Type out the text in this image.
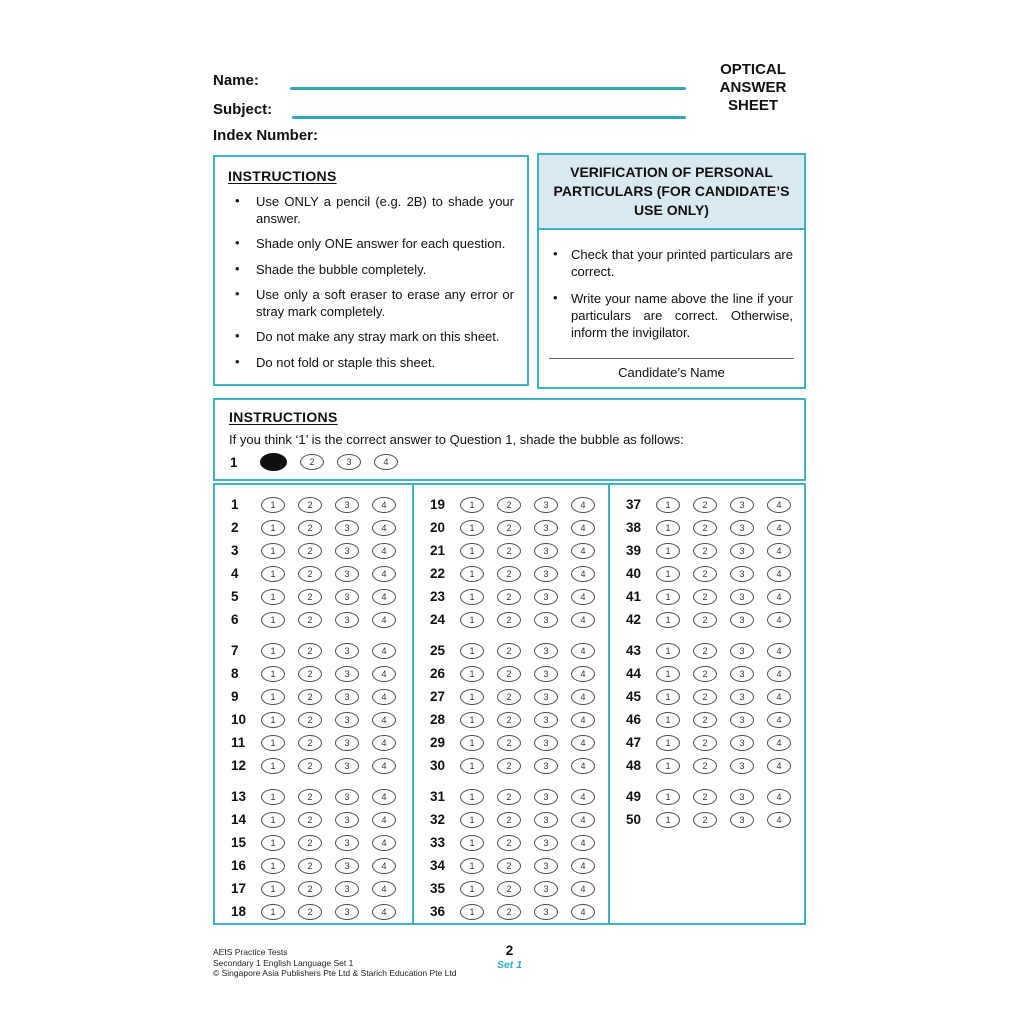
Name:
Subject:
Index Number:
OPTICAL
ANSWER
SHEET
INSTRUCTIONS
• Use ONLY a pencil (e.g. 2B) to shade your answer.
• Shade only ONE answer for each question.
• Shade the bubble completely.
• Use only a soft eraser to erase any error or stray mark completely.
• Do not make any stray mark on this sheet.
• Do not fold or staple this sheet.
VERIFICATION OF PERSONAL PARTICULARS (FOR CANDIDATE’S USE ONLY)
• Check that your printed particulars are correct.
• Write your name above the line if your particulars are correct. Otherwise, inform the invigilator.
Candidate’s Name
INSTRUCTIONS
If you think ‘1’ is the correct answer to Question 1, shade the bubble as follows:
1	2	3	4
1	1	2	3	4
2	1	2	3	4
3	1	2	3	4
4	1	2	3	4
5	1	2	3	4
6	1	2	3	4
7	1	2	3	4
8	1	2	3	4
9	1	2	3	4
10	1	2	3	4
11	1	2	3	4
12	1	2	3	4
13	1	2	3	4
14	1	2	3	4
15	1	2	3	4
16	1	2	3	4
17	1	2	3	4
18	1	2	3	4
19	1	2	3	4
20	1	2	3	4
21	1	2	3	4
22	1	2	3	4
23	1	2	3	4
24	1	2	3	4
25	1	2	3	4
26	1	2	3	4
27	1	2	3	4
28	1	2	3	4
29	1	2	3	4
30	1	2	3	4
31	1	2	3	4
32	1	2	3	4
33	1	2	3	4
34	1	2	3	4
35	1	2	3	4
36	1	2	3	4
37	1	2	3	4
38	1	2	3	4
39	1	2	3	4
40	1	2	3	4
41	1	2	3	4
42	1	2	3	4
43	1	2	3	4
44	1	2	3	4
45	1	2	3	4
46	1	2	3	4
47	1	2	3	4
48	1	2	3	4
49	1	2	3	4
50	1	2	3	4
AEIS Practice Tests
Secondary 1 English Language Set 1
© Singapore Asia Publishers Pte Ltd & Starich Education Pte Ltd
2
Set 1
